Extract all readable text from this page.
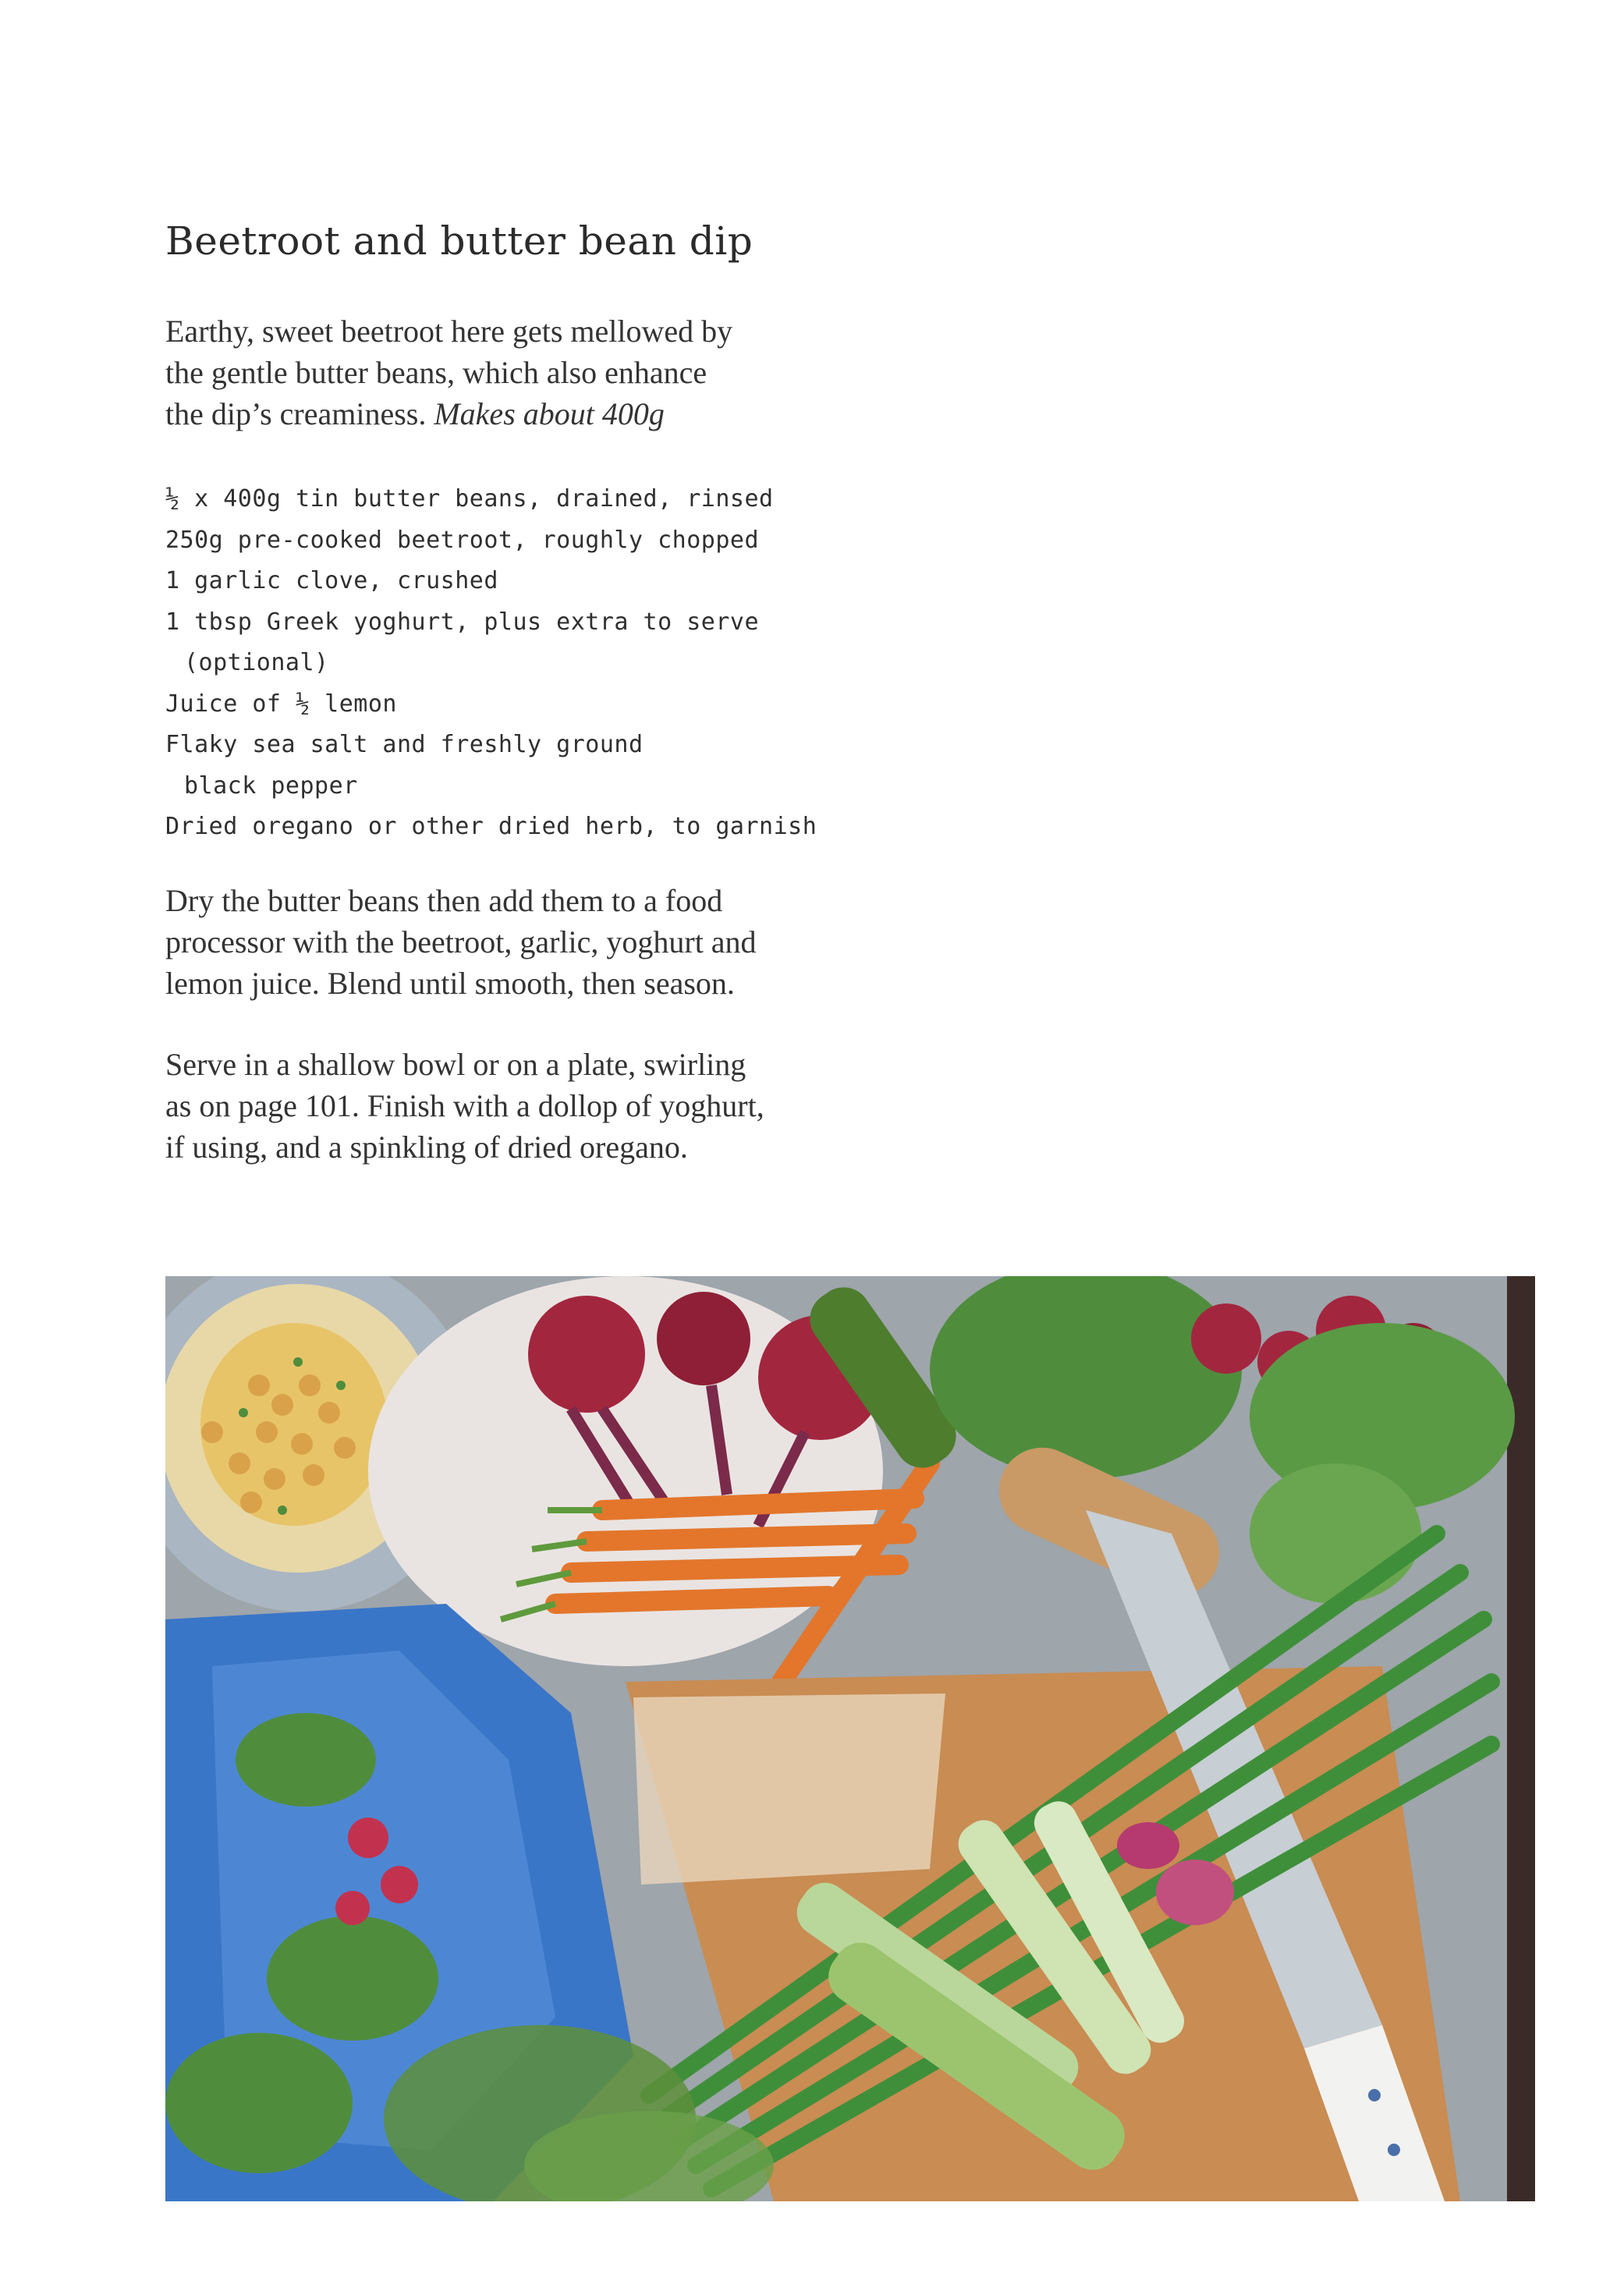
Beetroot and butter bean dip

Earthy, sweet beetroot here gets mellowed by
the gentle butter beans, which also enhance
the dip’s creaminess. Makes about 400g

½ x 400g tin butter beans, drained, rinsed
250g pre-cooked beetroot, roughly chopped
1 garlic clove, crushed
1 tbsp Greek yoghurt, plus extra to serve
(optional)
Juice of ½ lemon
Flaky sea salt and freshly ground
black pepper
Dried oregano or other dried herb, to garnish

Dry the butter beans then add them to a food
processor with the beetroot, garlic, yoghurt and
lemon juice. Blend until smooth, then season.

Serve in a shallow bowl or on a plate, swirling
as on page 101. Finish with a dollop of yoghurt,
if using, and a spinkling of dried oregano.
